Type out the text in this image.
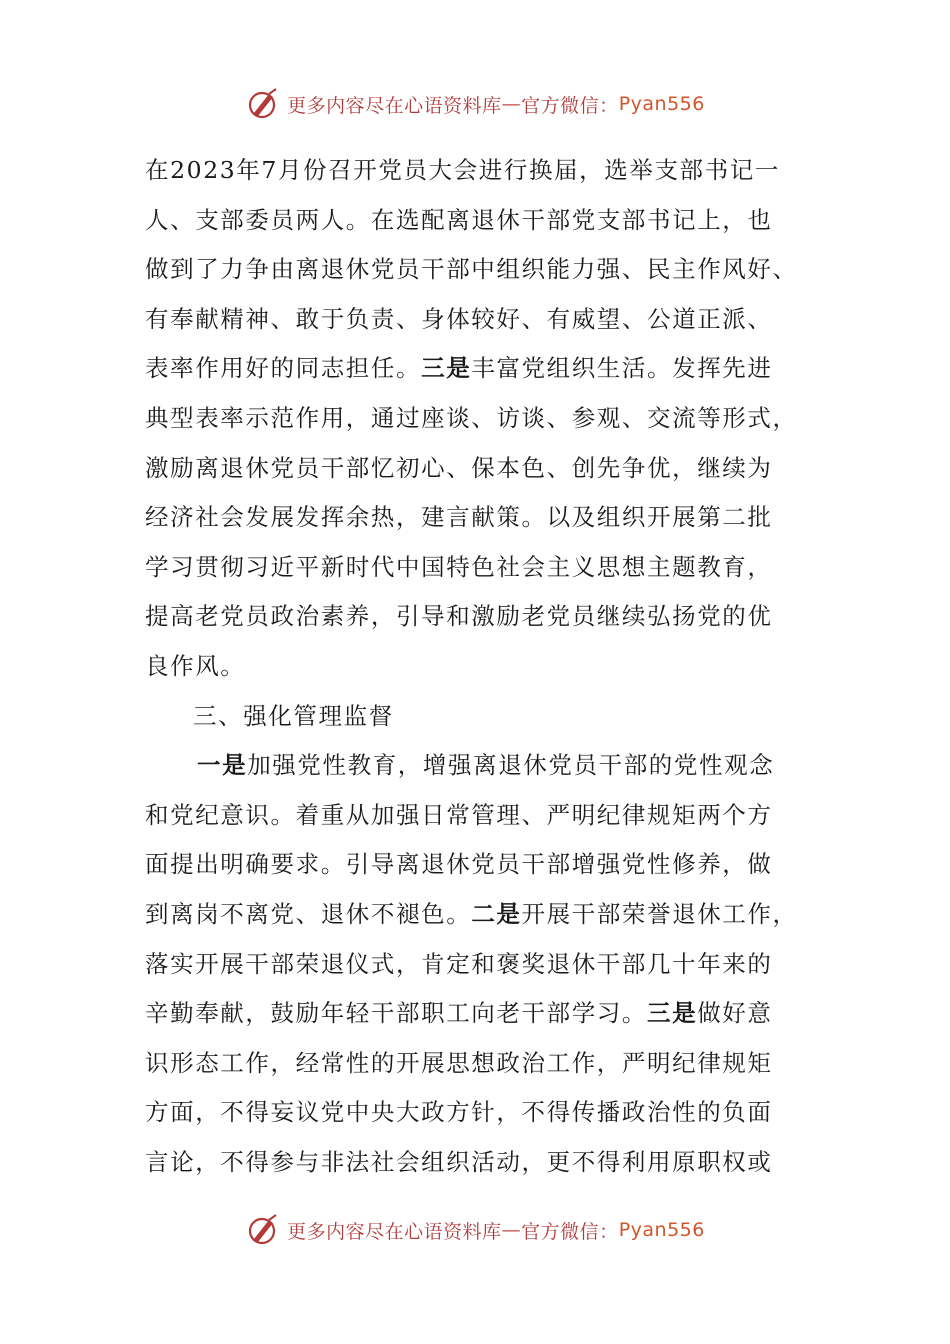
更多内容尽在心语资料库 — 官方微信： Pyan556
在2023年7月份召开党员大会进行换届，选举支部书记一
人、支部委员两人。在选配离退休干部党支部书记上，也
做到了力争由离退休党员干部中组织能力强、民主作风好、
有奉献精神、敢于负责、身体较好、有威望、公道正派、
表率作用好的同志担任。三是丰富党组织生活。发挥先进
典型表率示范作用，通过座谈、访谈、参观、交流等形式，
激励离退休党员干部忆初心、保本色、创先争优，继续为
经济社会发展发挥余热，建言献策。以及组织开展第二批
学习贯彻习近平新时代中国特色社会主义思想主题教育，
提高老党员政治素养，引导和激励老党员继续弘扬党的优
良作风。
三、强化管理监督
一是加强党性教育，增强离退休党员干部的党性观念
和党纪意识。着重从加强日常管理、严明纪律规矩两个方
面提出明确要求。引导离退休党员干部增强党性修养，做
到离岗不离党、退休不褪色。二是开展干部荣誉退休工作，
落实开展干部荣退仪式，肯定和褒奖退休干部几十年来的
辛勤奉献，鼓励年轻干部职工向老干部学习。三是做好意
识形态工作，经常性的开展思想政治工作，严明纪律规矩
方面，不得妄议党中央大政方针，不得传播政治性的负面
言论，不得参与非法社会组织活动，更不得利用原职权或
更多内容尽在心语资料库 — 官方微信： Pyan556
